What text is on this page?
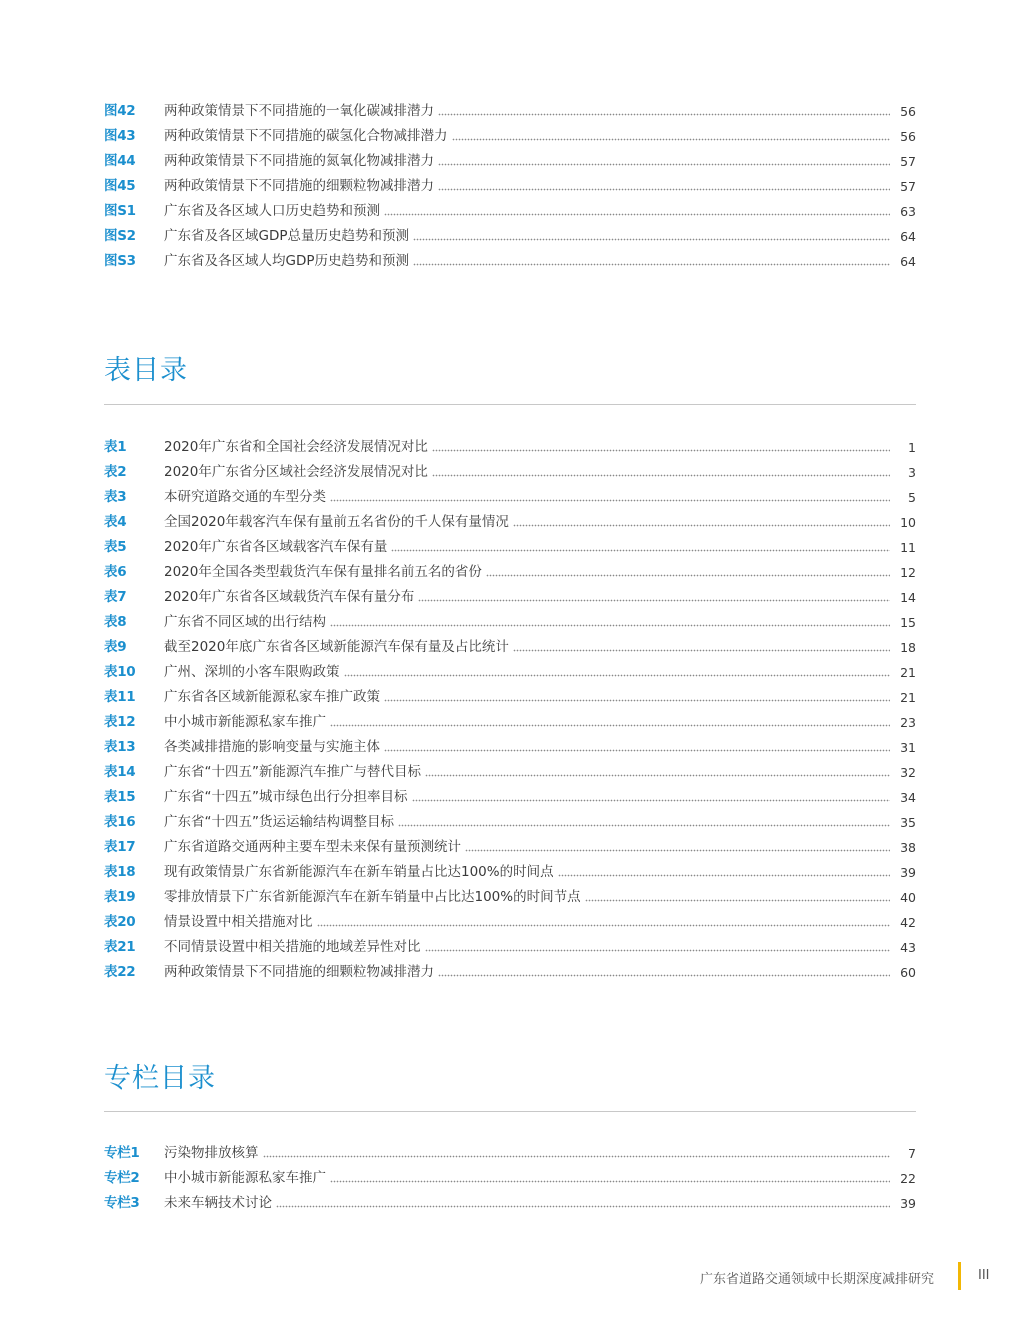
图42	两种政策情景下不同措施的一氧化碳减排潜力	56
图43	两种政策情景下不同措施的碳氢化合物减排潜力	56
图44	两种政策情景下不同措施的氮氧化物减排潜力	57
图45	两种政策情景下不同措施的细颗粒物减排潜力	57
图S1	广东省及各区域人口历史趋势和预测	63
图S2	广东省及各区域GDP总量历史趋势和预测	64
图S3	广东省及各区域人均GDP历史趋势和预测	64
表目录
表1	2020年广东省和全国社会经济发展情况对比	1
表2	2020年广东省分区域社会经济发展情况对比	3
表3	本研究道路交通的车型分类	5
表4	全国2020年载客汽车保有量前五名省份的千人保有量情况	10
表5	2020年广东省各区域载客汽车保有量	11
表6	2020年全国各类型载货汽车保有量排名前五名的省份	12
表7	2020年广东省各区域载货汽车保有量分布	14
表8	广东省不同区域的出行结构	15
表9	截至2020年底广东省各区域新能源汽车保有量及占比统计	18
表10	广州、深圳的小客车限购政策	21
表11	广东省各区域新能源私家车推广政策	21
表12	中小城市新能源私家车推广	23
表13	各类减排措施的影响变量与实施主体	31
表14	广东省“十四五”新能源汽车推广与替代目标	32
表15	广东省“十四五”城市绿色出行分担率目标	34
表16	广东省“十四五”货运运输结构调整目标	35
表17	广东省道路交通两种主要车型未来保有量预测统计	38
表18	现有政策情景广东省新能源汽车在新车销量占比达100%的时间点	39
表19	零排放情景下广东省新能源汽车在新车销量中占比达100%的时间节点	40
表20	情景设置中相关措施对比	42
表21	不同情景设置中相关措施的地域差异性对比	43
表22	两种政策情景下不同措施的细颗粒物减排潜力	60
专栏目录
专栏1	污染物排放核算	7
专栏2	中小城市新能源私家车推广	22
专栏3	未来车辆技术讨论	39
广东省道路交通领域中长期深度减排研究	III
